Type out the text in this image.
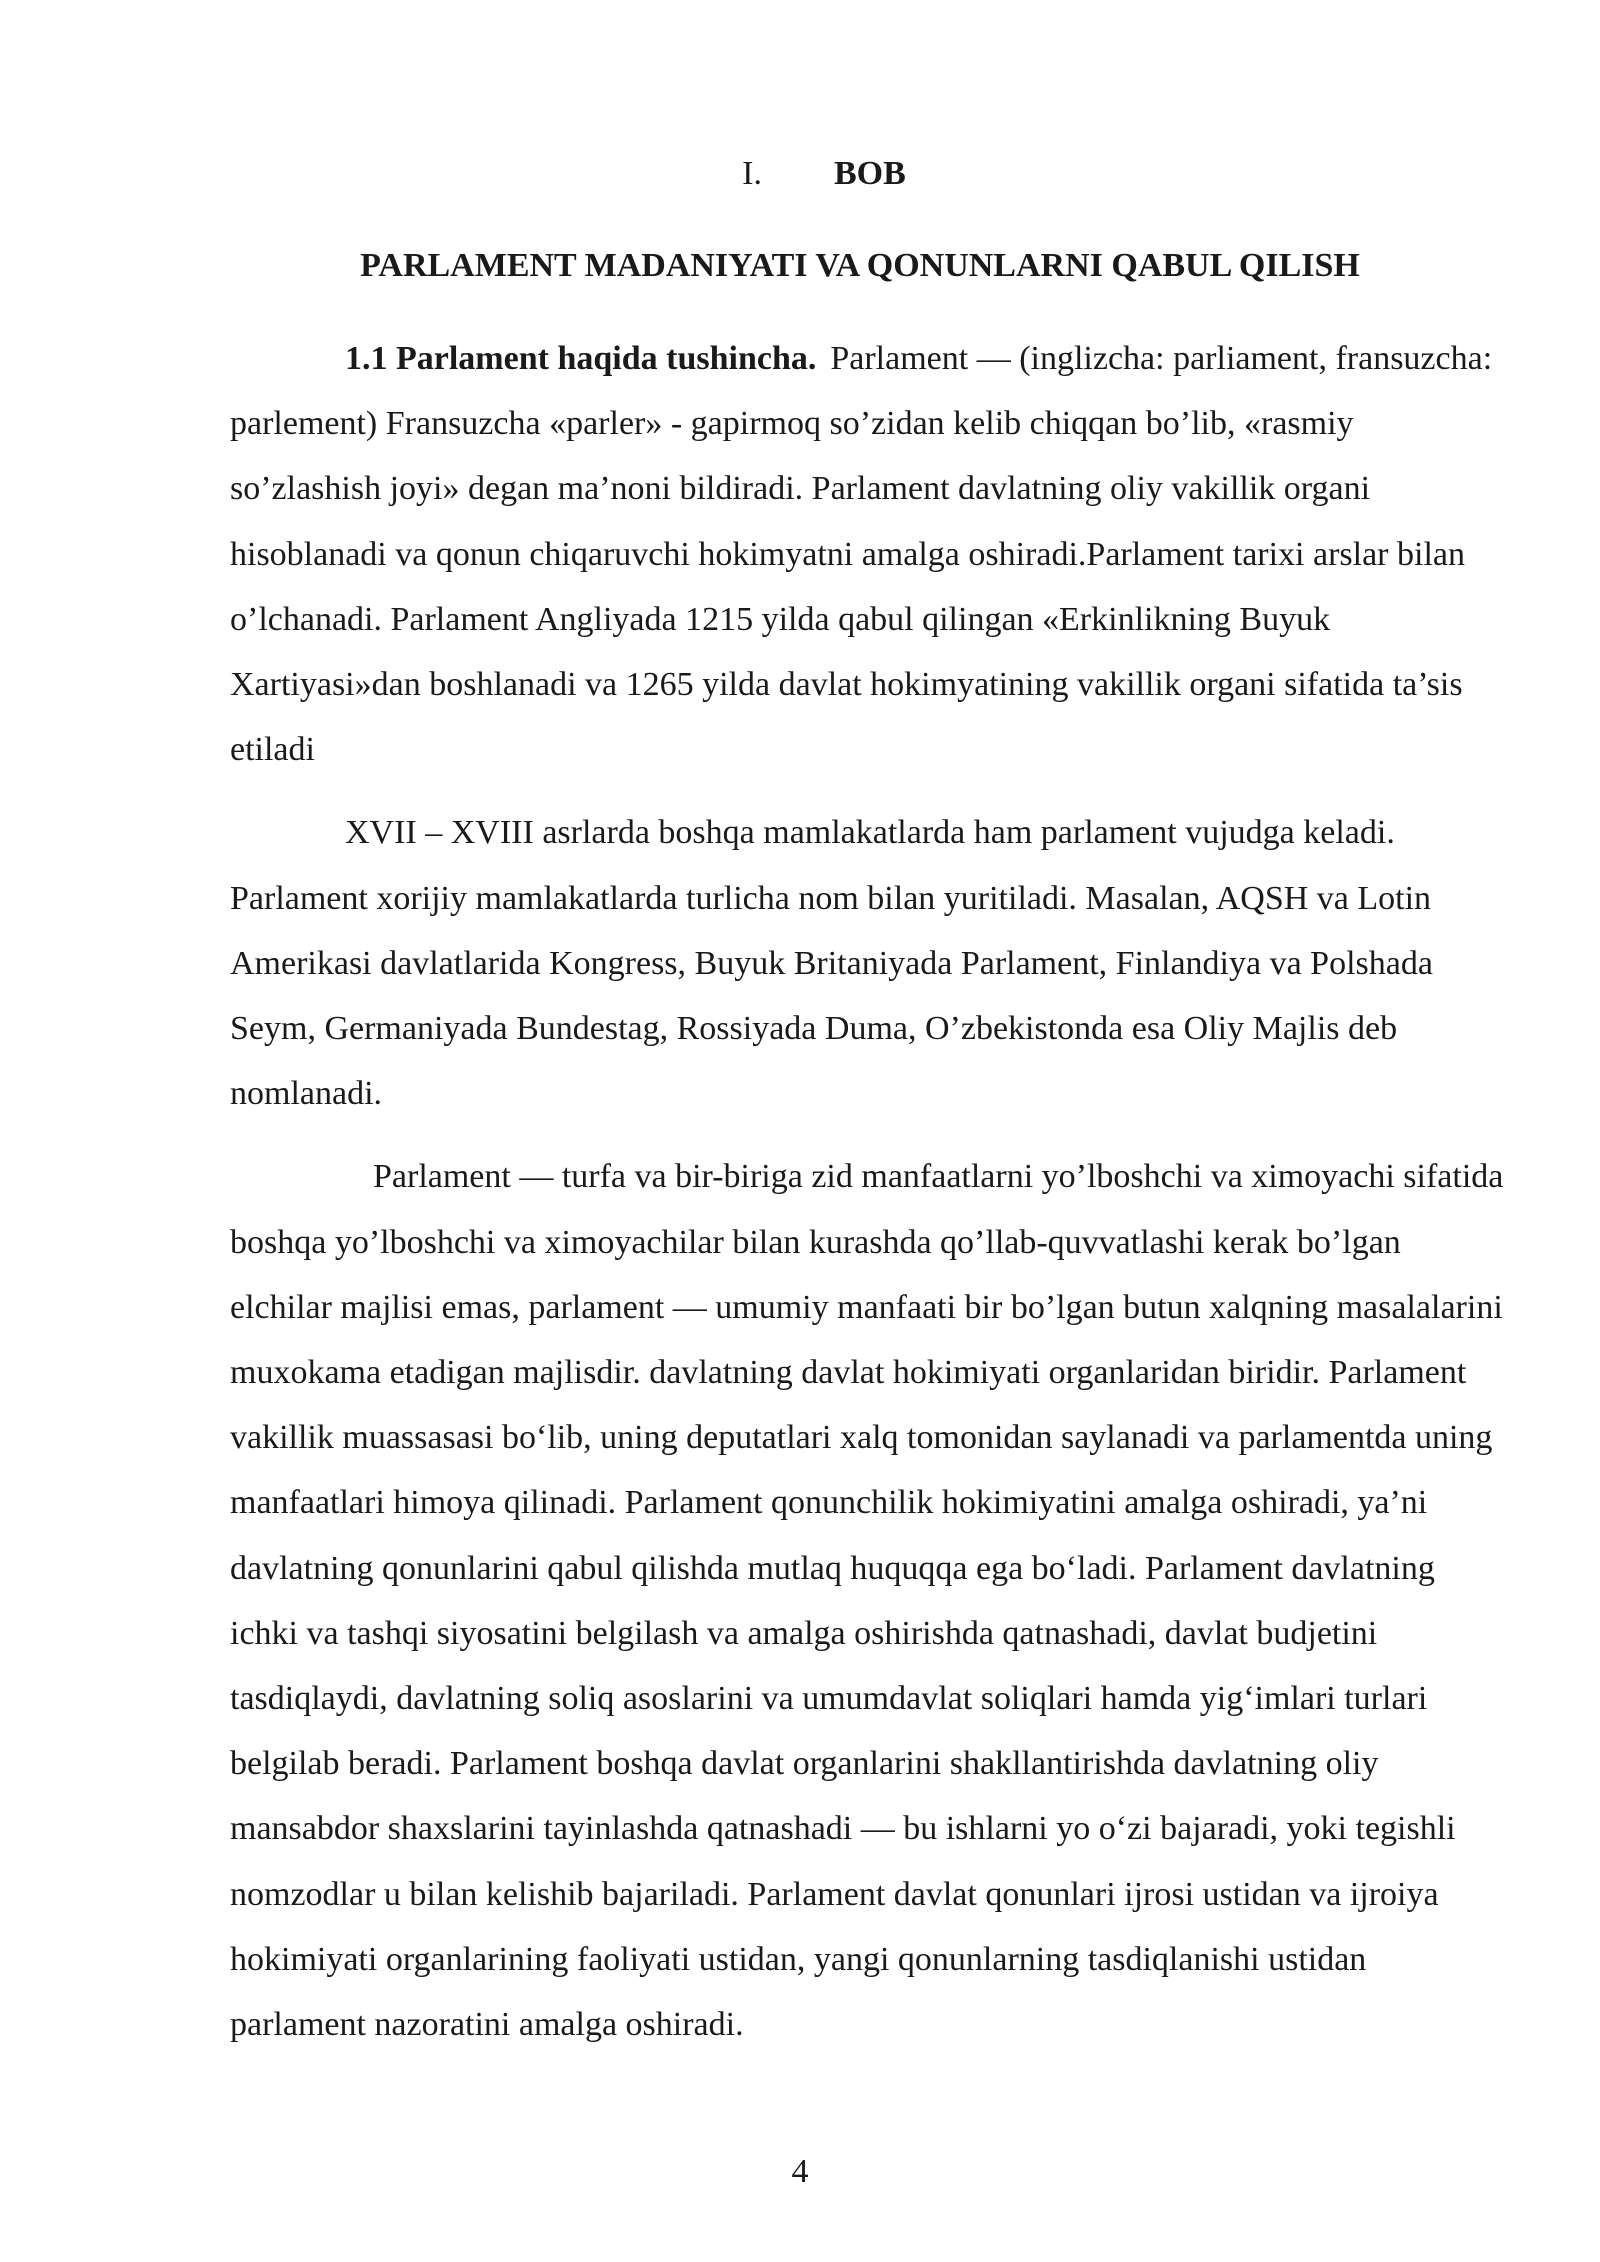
I. BOB
PARLAMENT MADANIYATI VA QONUNLARNI QABUL QILISH

1.1 Parlament haqida tushincha. Parlament — (inglizcha: parliament, fransuzcha: parlement) Fransuzcha «parler» - gapirmoq so’zidan kelib chiqqan bo’lib, «rasmiy so’zlashish joyi» degan ma’noni bildiradi. Parlament davlatning oliy vakillik organi hisoblanadi va qonun chiqaruvchi hokimyatni amalga oshiradi.Parlament tarixi arslar bilan o’lchanadi. Parlament Angliyada 1215 yilda qabul qilingan «Erkinlikning Buyuk Xartiyasi»dan boshlanadi va 1265 yilda davlat hokimyatining vakillik organi sifatida ta’sis etiladi

XVII – XVIII asrlarda boshqa mamlakatlarda ham parlament vujudga keladi. Parlament xorijiy mamlakatlarda turlicha nom bilan yuritiladi. Masalan, AQSH va Lotin Amerikasi davlatlarida Kongress, Buyuk Britaniyada Parlament, Finlandiya va Polshada Seym, Germaniyada Bundestag, Rossiyada Duma, O’zbekistonda esa Oliy Majlis deb nomlanadi.

Parlament — turfa va bir-biriga zid manfaatlarni yo’lboshchi va ximoyachi sifatida boshqa yo’lboshchi va ximoyachilar bilan kurashda qo’llab-quvvatlashi kerak bo’lgan elchilar majlisi emas, parlament — umumiy manfaati bir bo’lgan butun xalqning masalalarini muxokama etadigan majlisdir. davlatning davlat hokimiyati organlaridan biridir. Parlament vakillik muassasasi bo‘lib, uning deputatlari xalq tomonidan saylanadi va parlamentda uning manfaatlari himoya qilinadi. Parlament qonunchilik hokimiyatini amalga oshiradi, ya’ni davlatning qonunlarini qabul qilishda mutlaq huquqqa ega bo‘ladi. Parlament davlatning ichki va tashqi siyosatini belgilash va amalga oshirishda qatnashadi, davlat budjetini tasdiqlaydi, davlatning soliq asoslarini va umumdavlat soliqlari hamda yig‘imlari turlari belgilab beradi. Parlament boshqa davlat organlarini shakllantirishda davlatning oliy mansabdor shaxslarini tayinlashda qatnashadi — bu ishlarni yo o‘zi bajaradi, yoki tegishli nomzodlar u bilan kelishib bajariladi. Parlament davlat qonunlari ijrosi ustidan va ijroiya hokimiyati organlarining faoliyati ustidan, yangi qonunlarning tasdiqlanishi ustidan parlament nazoratini amalga oshiradi.

4
